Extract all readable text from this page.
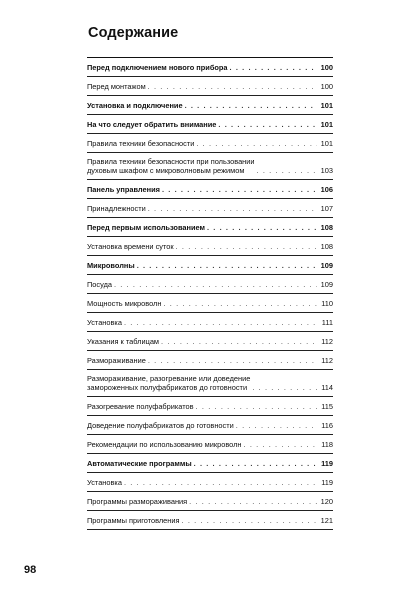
Содержание
Перед подключением нового прибора . . .	100
Перед монтажом . . .	100
Установка и подключение . . .	101
На что следует обратить внимание . . .	101
Правила техники безопасности . . .	101
Правила техники безопасности при пользовании
духовым шкафом с микроволновым режимом . . .	103
Панель управления . . .	106
Принадлежности . . .	107
Перед первым использованием . . .	108
Установка времени суток . . .	108
Микроволны . . .	109
Посуда . . .	109
Мощность микроволн . . .	110
Установка . . .	111
Указания к таблицам . . .	112
Размораживание . . .	112
Размораживание, разогревание или доведение
замороженных полуфабрикатов до готовности . . .	114
Разогревание полуфабрикатов . . .	115
Доведение полуфабрикатов до готовности . . .	116
Рекомендации по использованию микроволн . . .	118
Автоматические программы . . .	119
Установка . . .	119
Программы размораживания . . .	120
Программы приготовления . . .	121
98
